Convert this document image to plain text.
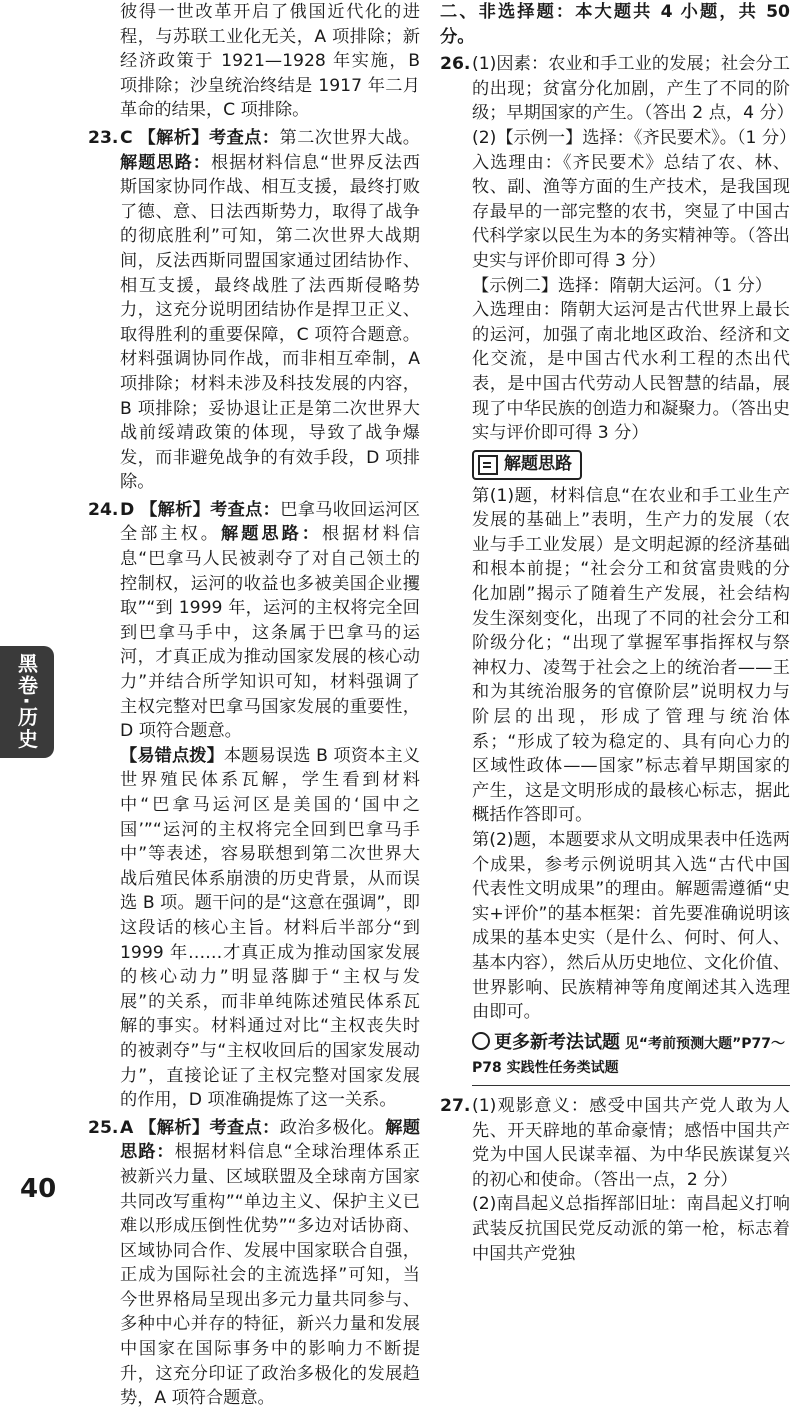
彼得一世改革开启了俄国近代化的进程，与苏联工业化无关，A 项排除；新经济政策于 1921—1928 年实施，B 项排除；沙皇统治终结是 1917 年二月革命的结果，C 项排除。

23.C 【解析】考查点：第二次世界大战。解题思路：根据材料信息“世界反法西斯国家协同作战、相互支援，最终打败了德、意、日法西斯势力，取得了战争的彻底胜利”可知，第二次世界大战期间，反法西斯同盟国家通过团结协作、相互支援，最终战胜了法西斯侵略势力，这充分说明团结协作是捍卫正义、取得胜利的重要保障，C 项符合题意。材料强调协同作战，而非相互牵制，A 项排除；材料未涉及科技发展的内容，B 项排除；妥协退让正是第二次世界大战前绥靖政策的体现，导致了战争爆发，而非避免战争的有效手段，D 项排除。

24.D 【解析】考查点：巴拿马收回运河区全部主权。解题思路：根据材料信息“巴拿马人民被剥夺了对自己领土的控制权，运河的收益也多被美国企业攫取”“到 1999 年，运河的主权将完全回到巴拿马手中，这条属于巴拿马的运河，才真正成为推动国家发展的核心动力”并结合所学知识可知，材料强调了主权完整对巴拿马国家发展的重要性，D 项符合题意。

【易错点拨】本题易误选 B 项资本主义世界殖民体系瓦解，学生看到材料中“巴拿马运河区是美国的‘国中之国’”“运河的主权将完全回到巴拿马手中”等表述，容易联想到第二次世界大战后殖民体系崩溃的历史背景，从而误选 B 项。题干问的是“这意在强调”，即这段话的核心主旨。材料后半部分“到 1999 年……才真正成为推动国家发展的核心动力”明显落脚于“主权与发展”的关系，而非单纯陈述殖民体系瓦解的事实。材料通过对比“主权丧失时的被剥夺”与“主权收回后的国家发展动力”，直接论证了主权完整对国家发展的作用，D 项准确提炼了这一关系。

25.A 【解析】考查点：政治多极化。解题思路：根据材料信息“全球治理体系正被新兴力量、区域联盟及全球南方国家共同改写重构”“单边主义、保护主义已难以形成压倒性优势”“多边对话协商、区域协同合作、发展中国家联合自强，正成为国际社会的主流选择”可知，当今世界格局呈现出多元力量共同参与、多种中心并存的特征，新兴力量和发展中国家在国际事务中的影响力不断提升，这充分印证了政治多极化的发展趋势，A 项符合题意。

二、非选择题：本大题共 4 小题，共 50 分。

26.(1)因素：农业和手工业的发展；社会分工的出现；贫富分化加剧，产生了不同的阶级；早期国家的产生。（答出 2 点，4 分）

(2)【示例一】选择：《齐民要术》。（1 分）

入选理由：《齐民要术》总结了农、林、牧、副、渔等方面的生产技术，是我国现存最早的一部完整的农书，突显了中国古代科学家以民生为本的务实精神等。（答出史实与评价即可得 3 分）

【示例二】选择：隋朝大运河。（1 分）

入选理由：隋朝大运河是古代世界上最长的运河，加强了南北地区政治、经济和文化交流，是中国古代水利工程的杰出代表，是中国古代劳动人民智慧的结晶，展现了中华民族的创造力和凝聚力。（答出史实与评价即可得 3 分）

解题思路

第(1)题，材料信息“在农业和手工业生产发展的基础上”表明，生产力的发展（农业与手工业发展）是文明起源的经济基础和根本前提；“社会分工和贫富贵贱的分化加剧”揭示了随着生产发展，社会结构发生深刻变化，出现了不同的社会分工和阶级分化；“出现了掌握军事指挥权与祭神权力、凌驾于社会之上的统治者——王和为其统治服务的官僚阶层”说明权力与阶层的出现，形成了管理与统治体系；“形成了较为稳定的、具有向心力的区域性政体——国家”标志着早期国家的产生，这是文明形成的最核心标志，据此概括作答即可。

第(2)题，本题要求从文明成果表中任选两个成果，参考示例说明其入选“古代中国代表性文明成果”的理由。解题需遵循“史实+评价”的基本框架：首先要准确说明该成果的基本史实（是什么、何时、何人、基本内容），然后从历史地位、文化价值、世界影响、民族精神等角度阐述其入选理由即可。

更多新考法试题 见“考前预测大题”P77～P78 实践性任务类试题

27.(1)观影意义：感受中国共产党人敢为人先、开天辟地的革命豪情；感悟中国共产党为中国人民谋幸福、为中华民族谋复兴的初心和使命。（答出一点，2 分）

(2)南昌起义总指挥部旧址：南昌起义打响武装反抗国民党反动派的第一枪，标志着中国共产党独

黑卷·历史
40
